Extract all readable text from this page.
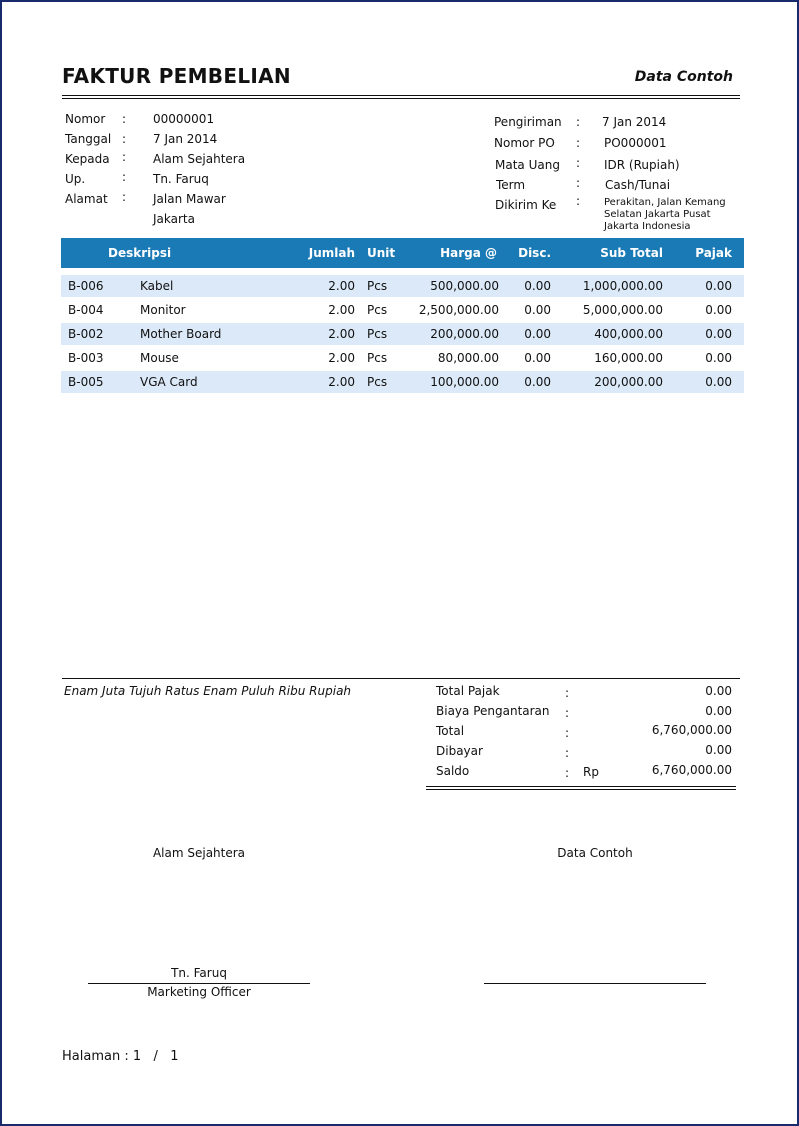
FAKTUR PEMBELIAN	Data Contoh
Nomor : 00000001
Tanggal : 7 Jan 2014
Kepada : Alam Sejahtera
Up.	: Tn. Faruq
Alamat : Jalan Mawar
Jakarta
Pengiriman : 7 Jan 2014
Nomor PO : PO000001
Mata Uang : IDR (Rupiah)
Term	: Cash/Tunai
Dikirim Ke : Perakitan, Jalan Kemang
Selatan Jakarta Pusat
Jakarta Indonesia
Deskripsi	Jumlah Unit	Harga @ Disc.	Sub Total	Pajak
B-006	Kabel	2.00 Pcs	500,000.00 0.00	1,000,000.00	0.00
B-004	Monitor	2.00 Pcs	2,500,000.00 0.00	5,000,000.00	0.00
B-002	Mother Board	2.00 Pcs	200,000.00 0.00	400,000.00	0.00
B-003	Mouse	2.00 Pcs	80,000.00 0.00	160,000.00	0.00
B-005	VGA Card	2.00 Pcs	100,000.00 0.00	200,000.00	0.00
Enam Juta Tujuh Ratus Enam Puluh Ribu Rupiah	Total Pajak	:	0.00
Biaya Pengantaran :	0.00
Total	:	6,760,000.00
Dibayar	:	0.00
Saldo	: Rp	6,760,000.00
Alam Sejahtera	Data Contoh
Tn. Faruq
Marketing Officer
Halaman : 1   /   1
